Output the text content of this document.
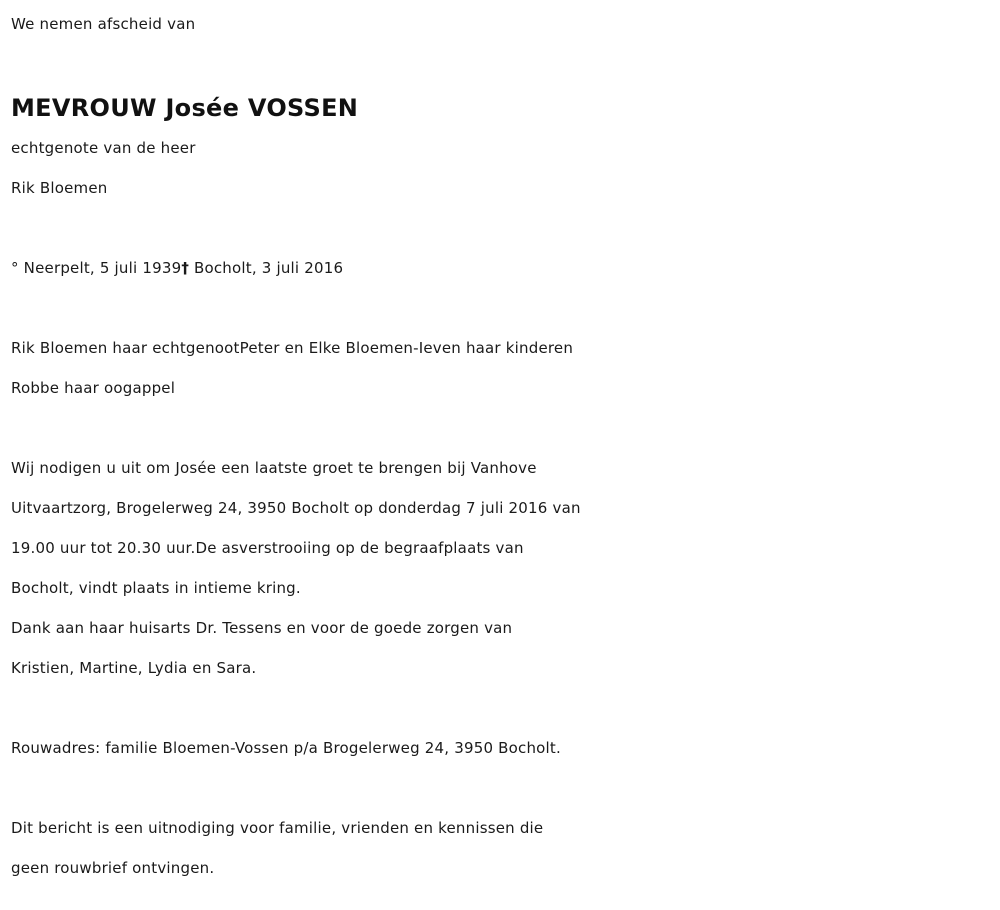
We nemen afscheid van
MEVROUW Josée VOSSEN
echtgenote van de heer
Rik Bloemen
° Neerpelt, 5 juli 1939† Bocholt, 3 juli 2016
Rik Bloemen haar echtgenootPeter en Elke Bloemen-Ieven haar kinderen
Robbe haar oogappel
Wij nodigen u uit om Josée een laatste groet te brengen bij Vanhove
Uitvaartzorg, Brogelerweg 24, 3950 Bocholt op donderdag 7 juli 2016 van
19.00 uur tot 20.30 uur.De asverstrooiing op de begraafplaats van
Bocholt, vindt plaats in intieme kring.
Dank aan haar huisarts Dr. Tessens en voor de goede zorgen van
Kristien, Martine, Lydia en Sara.
Rouwadres: familie Bloemen-Vossen p/a Brogelerweg 24, 3950 Bocholt.
Dit bericht is een uitnodiging voor familie, vrienden en kennissen die
geen rouwbrief ontvingen.
